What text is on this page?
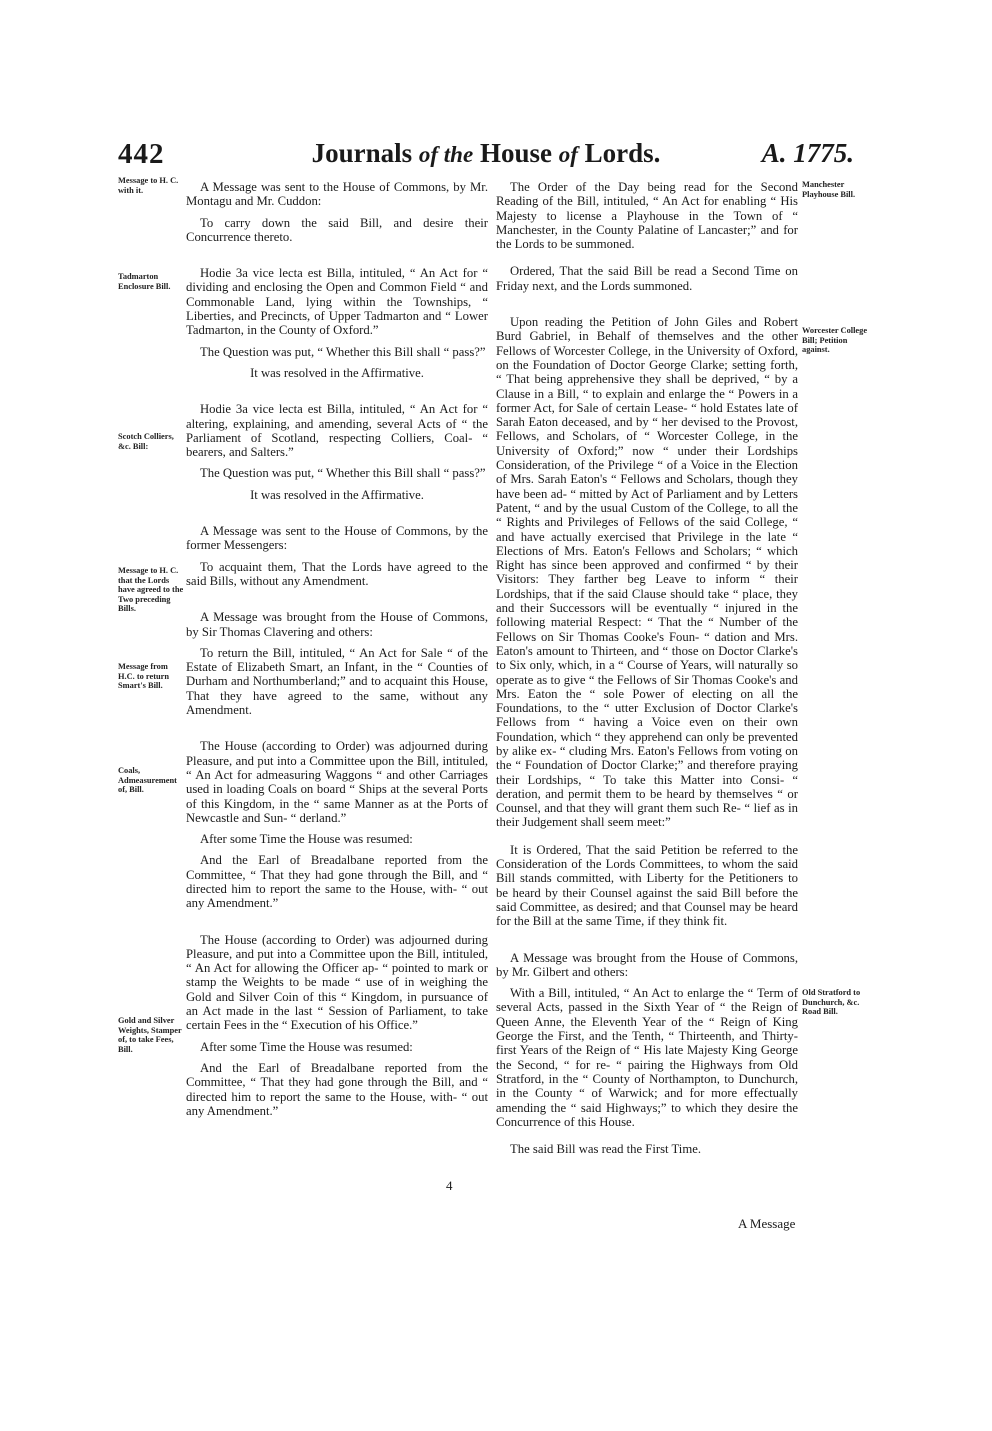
442	Journals of the House of Lords.	A. 1775.
Message to H. C. with it.
Tadmarton Enclosure Bill.
Scotch Colliers, &c. Bill:
Message to H. C. that the Lords have agreed to the Two preceding Bills.
Message from H.C. to return Smart's Bill.
Coals, Admeasurement of, Bill.
Gold and Silver Weights, Stamper of, to take Fees, Bill.
Manchester Playhouse Bill.
Worcester College Bill; Petition against.
Old Stratford to Dunchurch, &c. Road Bill.

A Message was sent to the House of Commons, by Mr. Montagu and Mr. Cuddon:

To carry down the said Bill, and desire their Concurrence thereto.

Hodie 3a vice lecta est Billa, intituled, “ An Act for “ dividing and enclosing the Open and Common Field “ and Commonable Land, lying within the Townships, “ Liberties, and Precincts, of Upper Tadmarton and “ Lower Tadmarton, in the County of Oxford.”

The Question was put, “ Whether this Bill shall “ pass?”

It was resolved in the Affirmative.

Hodie 3a vice lecta est Billa, intituled, “ An Act for “ altering, explaining, and amending, several Acts of “ the Parliament of Scotland, respecting Colliers, Coal- “ bearers, and Salters.”

The Question was put, “ Whether this Bill shall “ pass?”

It was resolved in the Affirmative.

A Message was sent to the House of Commons, by the former Messengers:

To acquaint them, That the Lords have agreed to the said Bills, without any Amendment.

A Message was brought from the House of Commons, by Sir Thomas Clavering and others:

To return the Bill, intituled, “ An Act for Sale “ of the Estate of Elizabeth Smart, an Infant, in the “ Counties of Durham and Northumberland;” and to acquaint this House, That they have agreed to the same, without any Amendment.

The House (according to Order) was adjourned during Pleasure, and put into a Committee upon the Bill, intituled, “ An Act for admeasuring Waggons “ and other Carriages used in loading Coals on board “ Ships at the several Ports of this Kingdom, in the “ same Manner as at the Ports of Newcastle and Sun- “ derland.”

After some Time the House was resumed:

And the Earl of Breadalbane reported from the Committee, “ That they had gone through the Bill, and “ directed him to report the same to the House, with- “ out any Amendment.”

The House (according to Order) was adjourned during Pleasure, and put into a Committee upon the Bill, intituled, “ An Act for allowing the Officer ap- “ pointed to mark or stamp the Weights to be made “ use of in weighing the Gold and Silver Coin of this “ Kingdom, in pursuance of an Act made in the last “ Session of Parliament, to take certain Fees in the “ Execution of his Office.”

After some Time the House was resumed:

And the Earl of Breadalbane reported from the Committee, “ That they had gone through the Bill, and “ directed him to report the same to the House, with- “ out any Amendment.”

The Order of the Day being read for the Second Reading of the Bill, intituled, “ An Act for enabling “ His Majesty to license a Playhouse in the Town of “ Manchester, in the County Palatine of Lancaster;” and for the Lords to be summoned.

Ordered, That the said Bill be read a Second Time on Friday next, and the Lords summoned.

Upon reading the Petition of John Giles and Robert Burd Gabriel, in Behalf of themselves and the other Fellows of Worcester College, in the University of Oxford, on the Foundation of Doctor George Clarke; setting forth, “ That being apprehensive they shall be deprived, “ by a Clause in a Bill, “ to explain and enlarge the “ Powers in a former Act, for Sale of certain Lease- “ hold Estates late of Sarah Eaton deceased, and by “ her devised to the Provost, Fellows, and Scholars, of “ Worcester College, in the University of Oxford;” now “ under their Lordships Consideration, of the Privilege “ of a Voice in the Election of Mrs. Sarah Eaton's “ Fellows and Scholars, though they have been ad- “ mitted by Act of Parliament and by Letters Patent, “ and by the usual Custom of the College, to all the “ Rights and Privileges of Fellows of the said College, “ and have actually exercised that Privilege in the late “ Elections of Mrs. Eaton's Fellows and Scholars; “ which Right has since been approved and confirmed “ by their Visitors: They farther beg Leave to inform “ their Lordships, that if the said Clause should take “ place, they and their Successors will be eventually “ injured in the following material Respect: “ That the “ Number of the Fellows on Sir Thomas Cooke's Foun- “ dation and Mrs. Eaton's amount to Thirteen, and “ those on Doctor Clarke's to Six only, which, in a “ Course of Years, will naturally so operate as to give “ the Fellows of Sir Thomas Cooke's and Mrs. Eaton the “ sole Power of electing on all the Foundations, to the “ utter Exclusion of Doctor Clarke's Fellows from “ having a Voice even on their own Foundation, which “ they apprehend can only be prevented by alike ex- “ cluding Mrs. Eaton's Fellows from voting on the “ Foundation of Doctor Clarke;” and therefore praying their Lordships, “ To take this Matter into Consi- “ deration, and permit them to be heard by themselves “ or Counsel, and that they will grant them such Re- “ lief as in their Judgement shall seem meet:”

It is Ordered, That the said Petition be referred to the Consideration of the Lords Committees, to whom the said Bill stands committed, with Liberty for the Petitioners to be heard by their Counsel against the said Bill before the said Committee, as desired; and that Counsel may be heard for the Bill at the same Time, if they think fit.

A Message was brought from the House of Commons, by Mr. Gilbert and others:

With a Bill, intituled, “ An Act to enlarge the “ Term of several Acts, passed in the Sixth Year of “ the Reign of Queen Anne, the Eleventh Year of the “ Reign of King George the First, and the Tenth, “ Thirteenth, and Thirty-first Years of the Reign of “ His late Majesty King George the Second, “ for re- “ pairing the Highways from Old Stratford, in the “ County of Northampton, to Dunchurch, in the County “ of Warwick; and for more effectually amending the “ said Highways;” to which they desire the Concurrence of this House.

The said Bill was read the First Time.

4
A Message
